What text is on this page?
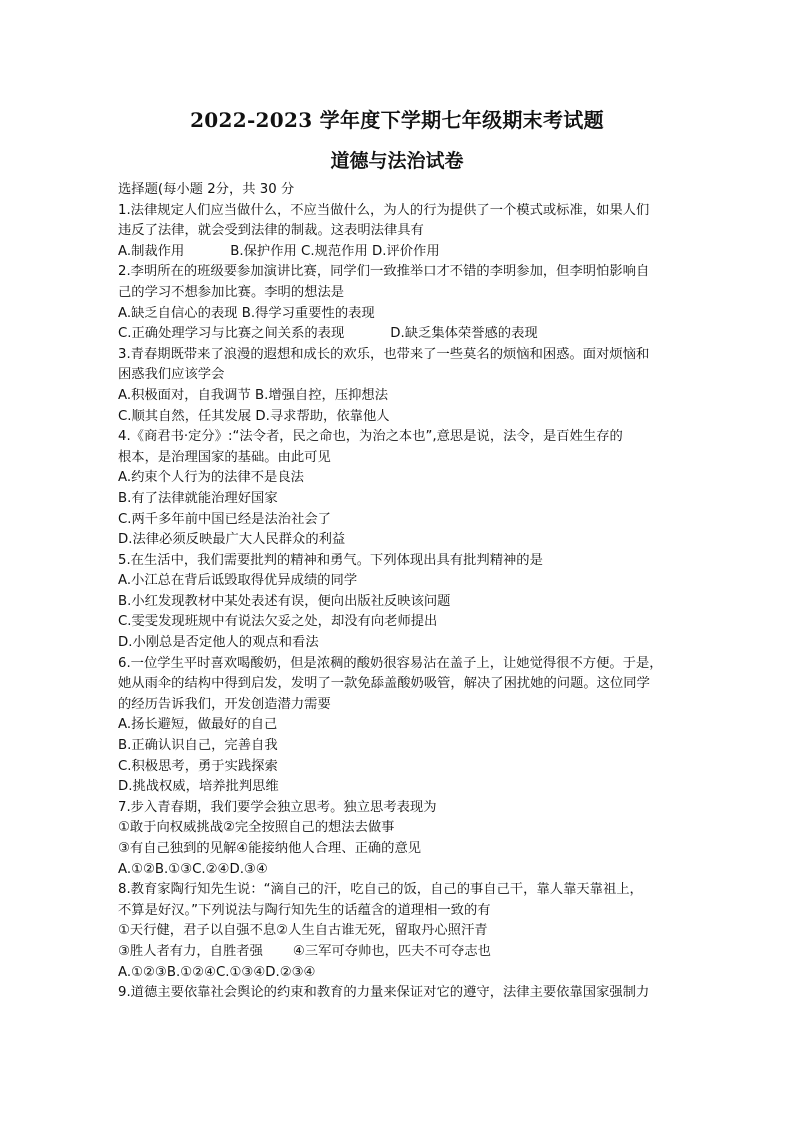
2022-2023 学年度下学期七年级期末考试题
道德与法治试卷
选择题(每小题 2分，共 30 分
1.法律规定人们应当做什么，不应当做什么，为人的行为提供了一个模式或标准，如果人们
违反了法律，就会受到法律的制裁。这表明法律具有
A.制裁作用	B.保护作用 C.规范作用 D.评价作用
2.李明所在的班级要参加演讲比赛，同学们一致推举口才不错的李明参加，但李明怕影响自
己的学习不想参加比赛。李明的想法是
A.缺乏自信心的表现 B.得学习重要性的表现
C.正确处理学习与比赛之间关系的表现	D.缺乏集体荣誉感的表现
3.青春期既带来了浪漫的遐想和成长的欢乐，也带来了一些莫名的烦恼和困惑。面对烦恼和
困惑我们应该学会
A.积极面对，自我调节 B.增强自控，压抑想法
C.顺其自然，任其发展 D.寻求帮助，依靠他人
4.《商君书·定分》:“法令者，民之命也，为治之本也”,意思是说，法令，是百姓生存的
根本，是治理国家的基础。由此可见
A.约束个人行为的法律不是良法
B.有了法律就能治理好国家
C.两千多年前中国已经是法治社会了
D.法律必须反映最广大人民群众的利益
5.在生活中，我们需要批判的精神和勇气。下列体现出具有批判精神的是
A.小江总在背后诋毁取得优异成绩的同学
B.小红发现教材中某处表述有误，便向出版社反映该问题
C.雯雯发现班规中有说法欠妥之处，却没有向老师提出
D.小刚总是否定他人的观点和看法
6.一位学生平时喜欢喝酸奶，但是浓稠的酸奶很容易沾在盖子上，让她觉得很不方便。于是，
她从雨伞的结构中得到启发，发明了一款免舔盖酸奶吸管，解决了困扰她的问题。这位同学
的经历告诉我们，开发创造潜力需要
A.扬长避短，做最好的自己
B.正确认识自己，完善自我
C.积极思考，勇于实践探索
D.挑战权威，培养批判思维
7.步入青春期，我们要学会独立思考。独立思考表现为
①敢于向权威挑战②完全按照自己的想法去做事
③有自己独到的见解④能接纳他人合理、正确的意见
A.①②B.①③C.②④D.③④
8.教育家陶行知先生说：“滴自己的汗，吃自己的饭，自己的事自己干，靠人靠天靠祖上，
不算是好汉。”下列说法与陶行知先生的话蕴含的道理相一致的有
①天行健，君子以自强不息②人生自古谁无死，留取丹心照汗青
③胜人者有力，自胜者强 ④三军可夺帅也，匹夫不可夺志也
A.①②③B.①②④C.①③④D.②③④
9.道德主要依靠社会舆论的约束和教育的力量来保证对它的遵守，法律主要依靠国家强制力
